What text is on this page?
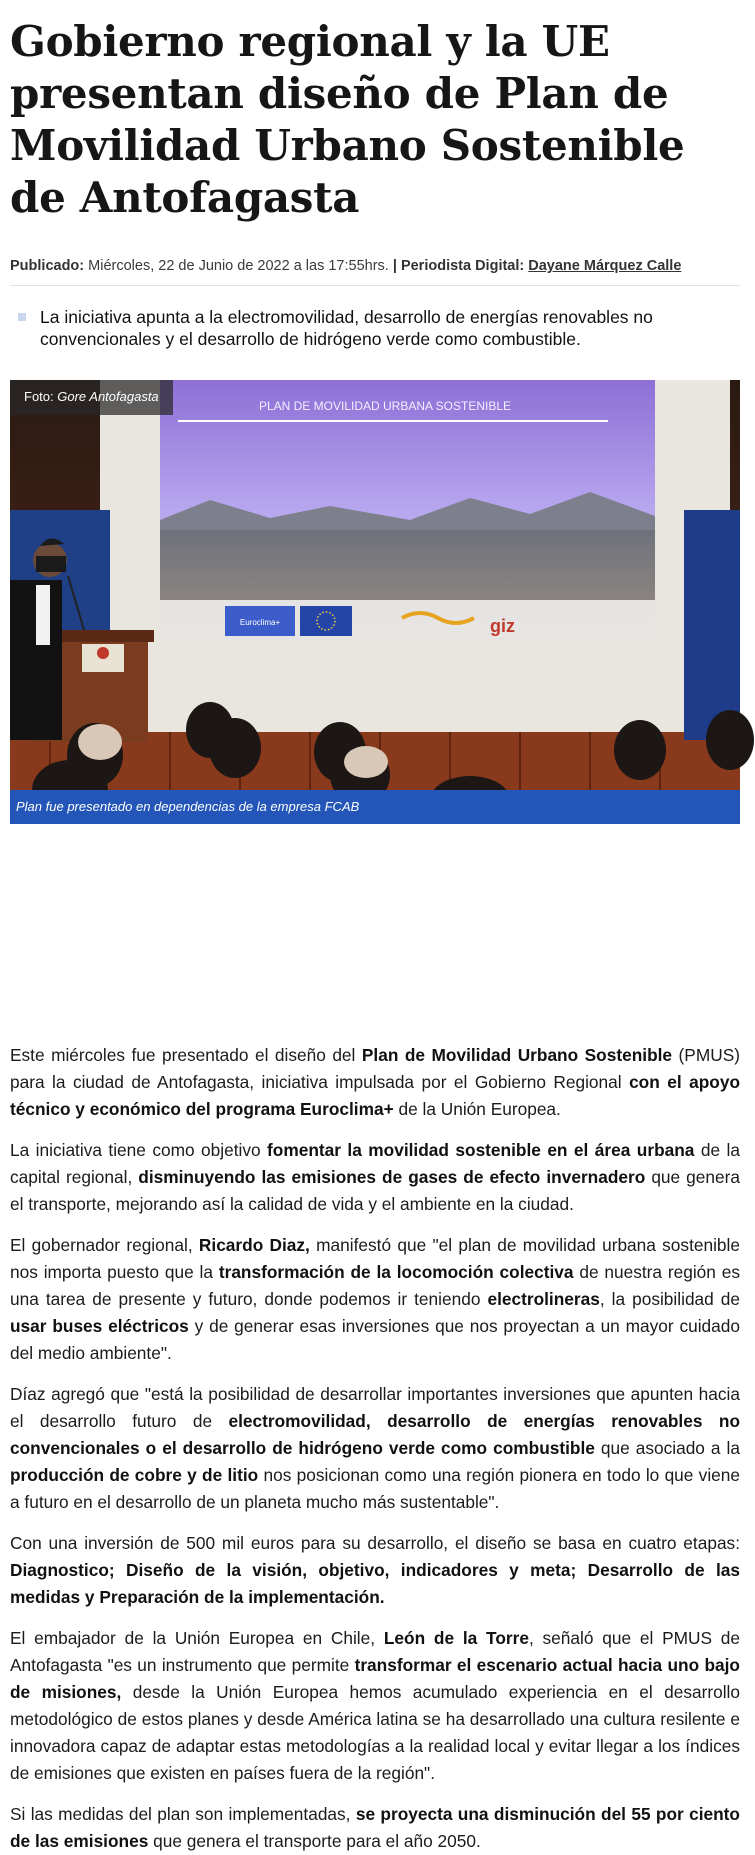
Gobierno regional y la UE presentan diseño de Plan de Movilidad Urbano Sostenible de Antofagasta
Publicado: Miércoles, 22 de Junio de 2022 a las 17:55hrs. | Periodista Digital: Dayane Márquez Calle
La iniciativa apunta a la electromovilidad, desarrollo de energías renovables no convencionales y el desarrollo de hidrógeno verde como combustible.
PLAN DE MOVILIDAD URBANA SOSTENIBLE
Euroclima+	giz
Foto: Gore Antofagasta
Plan fue presentado en dependencias de la empresa FCAB

Este miércoles fue presentado el diseño del Plan de Movilidad Urbano Sostenible (PMUS) para la ciudad de Antofagasta, iniciativa impulsada por el Gobierno Regional con el apoyo técnico y económico del programa Euroclima+ de la Unión Europea.

La iniciativa tiene como objetivo fomentar la movilidad sostenible en el área urbana de la capital regional, disminuyendo las emisiones de gases de efecto invernadero que genera el transporte, mejorando así la calidad de vida y el ambiente en la ciudad.

El gobernador regional, Ricardo Diaz, manifestó que "el plan de movilidad urbana sostenible nos importa puesto que la transformación de la locomoción colectiva de nuestra región es una tarea de presente y futuro, donde podemos ir teniendo electrolineras, la posibilidad de usar buses eléctricos y de generar esas inversiones que nos proyectan a un mayor cuidado del medio ambiente".

Díaz agregó que "está la posibilidad de desarrollar importantes inversiones que apunten hacia el desarrollo futuro de electromovilidad, desarrollo de energías renovables no convencionales o el desarrollo de hidrógeno verde como combustible que asociado a la producción de cobre y de litio nos posicionan como una región pionera en todo lo que viene a futuro en el desarrollo de un planeta mucho más sustentable".

Con una inversión de 500 mil euros para su desarrollo, el diseño se basa en cuatro etapas: Diagnostico; Diseño de la visión, objetivo, indicadores y meta; Desarrollo de las medidas y Preparación de la implementación.

El embajador de la Unión Europea en Chile, León de la Torre, señaló que el PMUS de Antofagasta "es un instrumento que permite transformar el escenario actual hacia uno bajo de misiones, desde la Unión Europea hemos acumulado experiencia en el desarrollo metodológico de estos planes y desde América latina se ha desarrollado una cultura resilente e innovadora capaz de adaptar estas metodologías a la realidad local y evitar llegar a los índices de emisiones que existen en países fuera de la región".

Si las medidas del plan son implementadas, se proyecta una disminución del 55 por ciento de las emisiones que genera el transporte para el año 2050.
